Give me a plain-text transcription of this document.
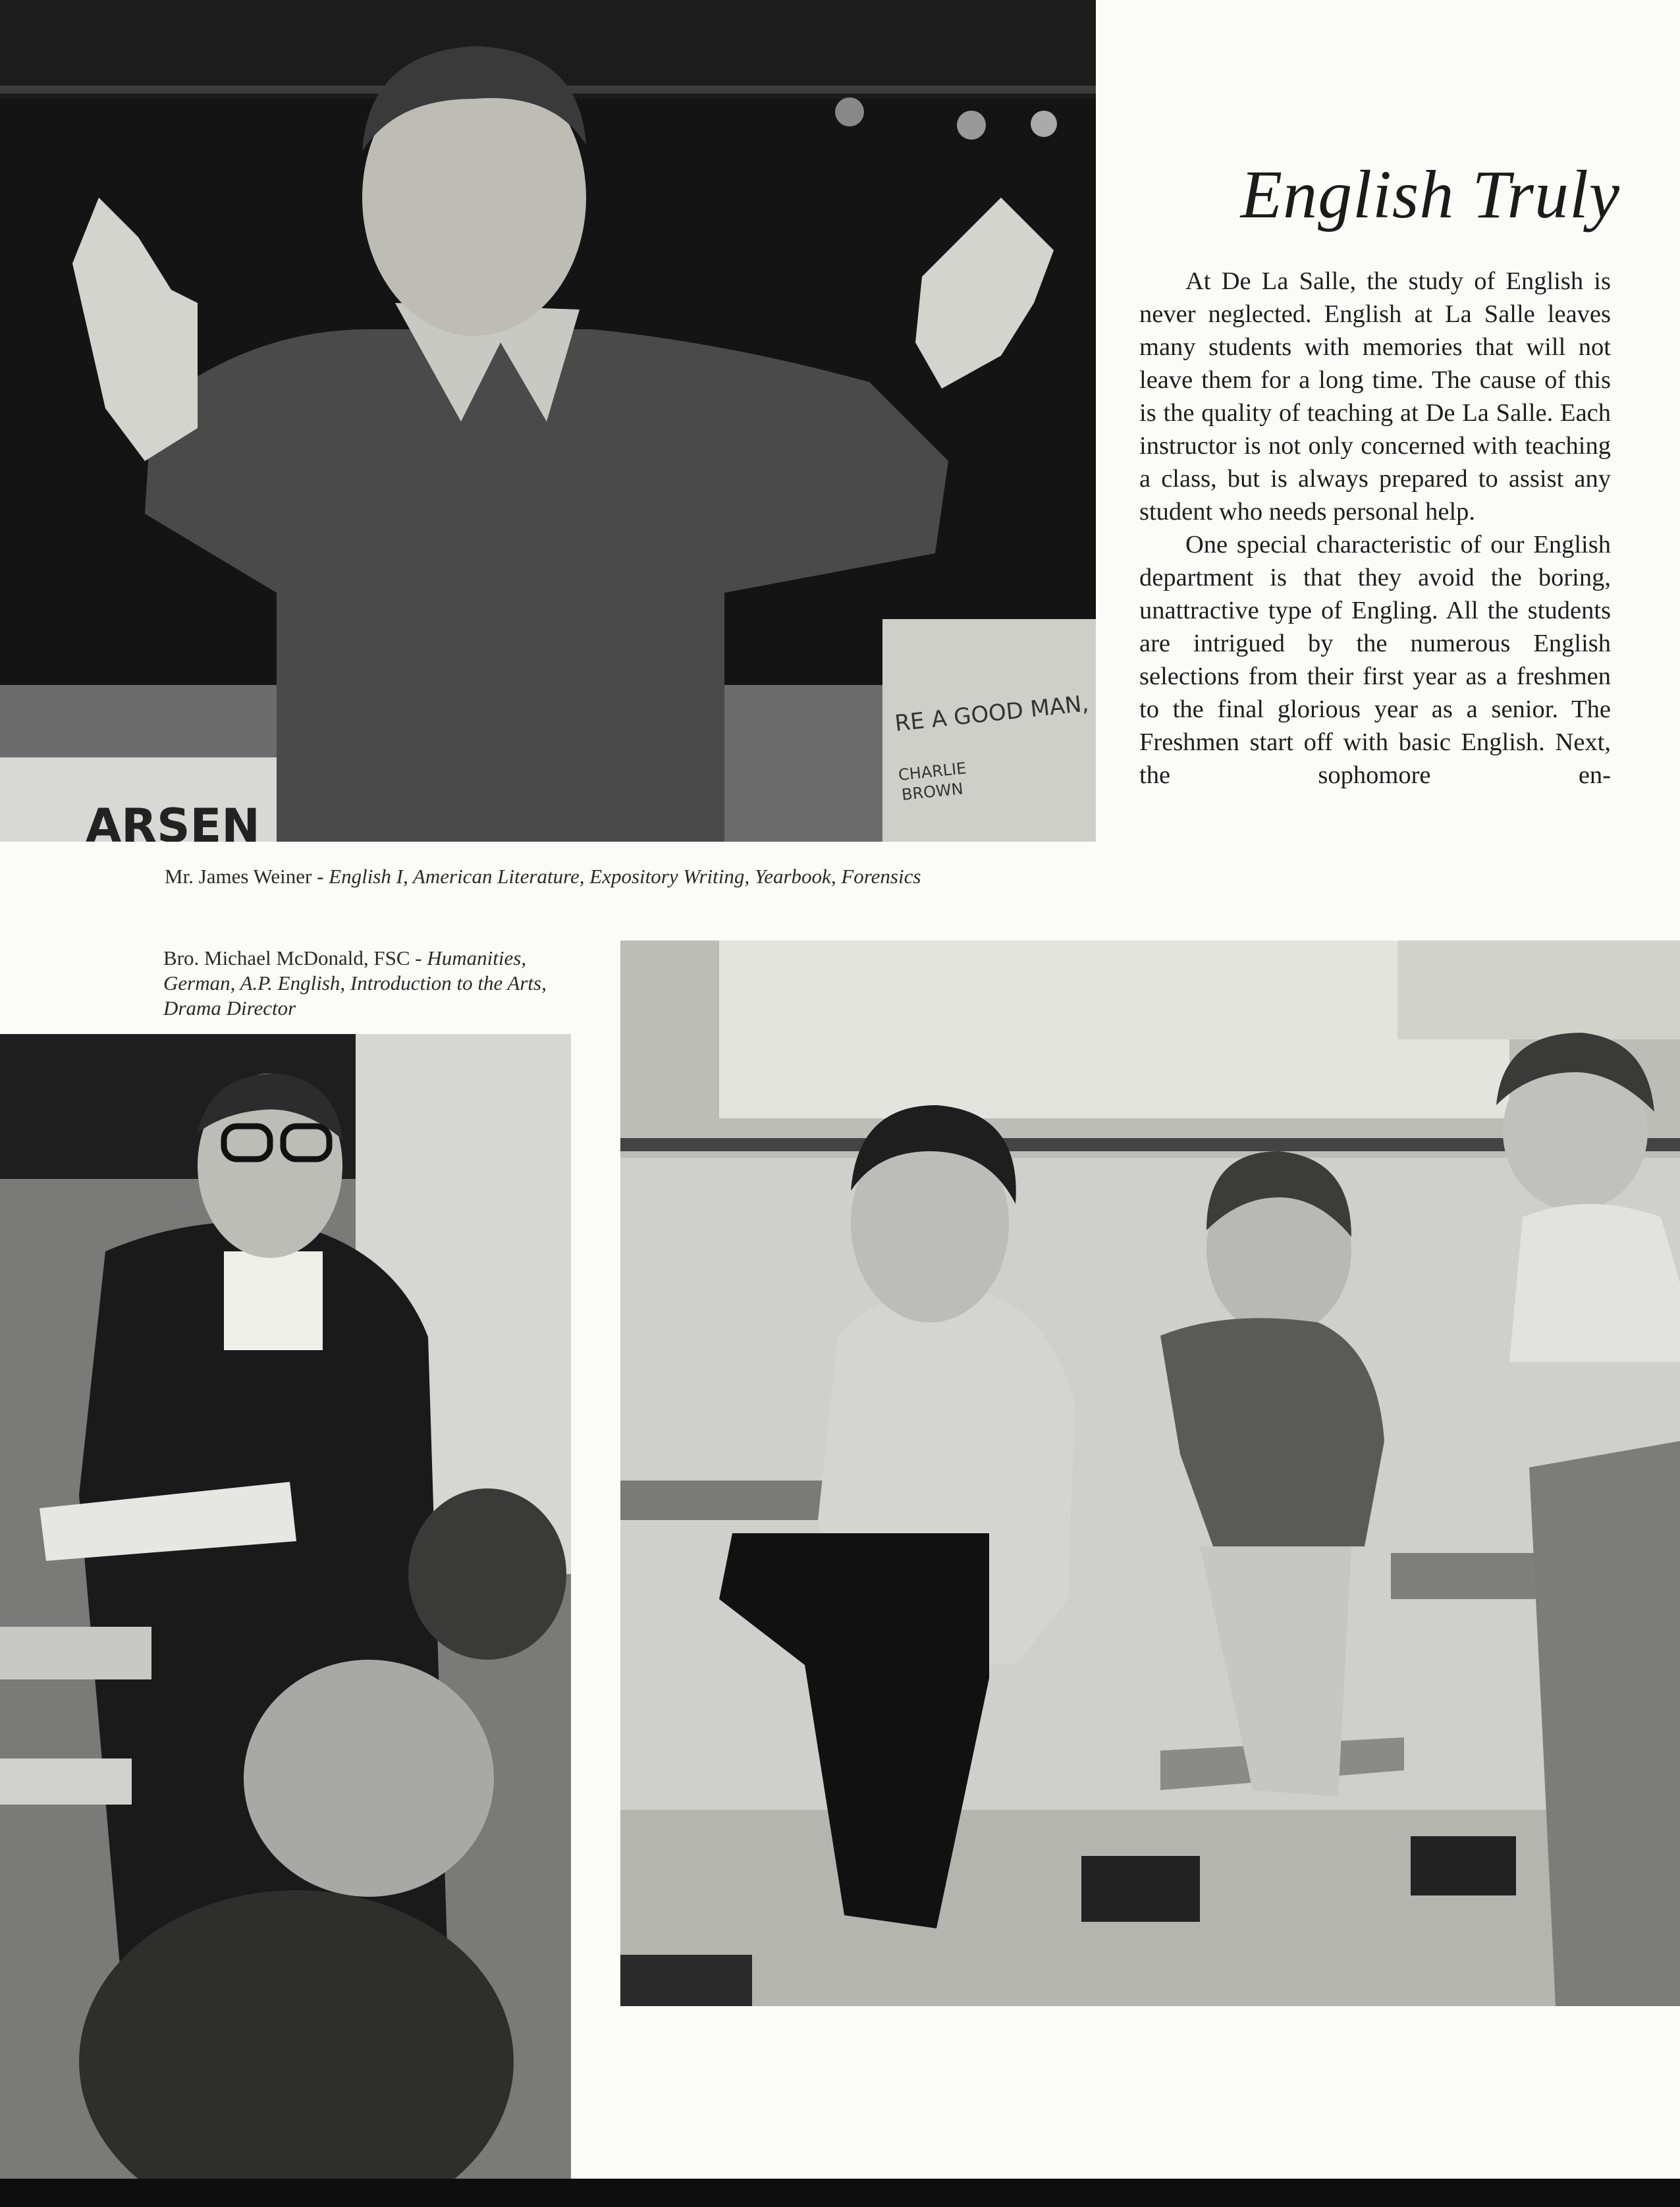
RE A GOOD MAN,
CHARLIE
BROWN
ARSEN
English Truly

At De La Salle, the study of English is never neglected. English at La Salle leaves many students with memories that will not leave them for a long time. The cause of this is the quality of teaching at De La Salle. Each instructor is not only concerned with teaching a class, but is always prepared to assist any student who needs personal help.

One special characteristic of our English department is that they avoid the boring, unattractive type of Engling. All the students are intrigued by the numerous English selections from their first year as a freshmen to the final glorious year as a senior. The Freshmen start off with basic English. Next, the sophomore en-

Mr. James Weiner - English I, American Literature, Expository Writing, Yearbook, Forensics
Bro. Michael McDonald, FSC - Humanities, German, A.P. English, Introduction to the Arts, Drama Director
